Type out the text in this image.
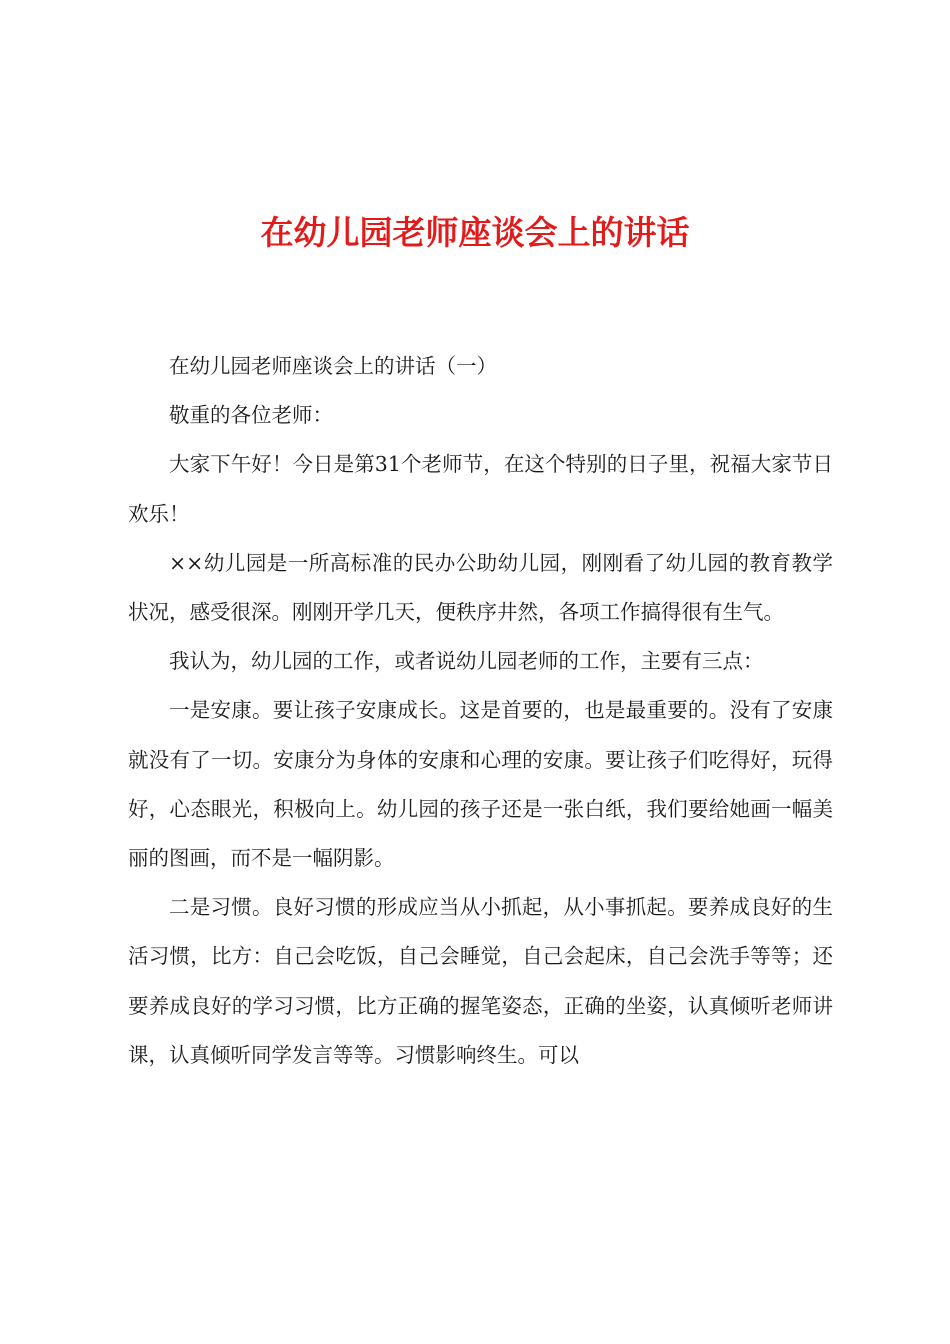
在幼儿园老师座谈会上的讲话

在幼儿园老师座谈会上的讲话（一）

敬重的各位老师：

大家下午好！今日是第31个老师节，在这个特别的日子里，祝福大家节日欢乐！

××幼儿园是一所高标准的民办公助幼儿园，刚刚看了幼儿园的教育教学状况，感受很深。刚刚开学几天，便秩序井然，各项工作搞得很有生气。

我认为，幼儿园的工作，或者说幼儿园老师的工作，主要有三点：

一是安康。要让孩子安康成长。这是首要的，也是最重要的。没有了安康就没有了一切。安康分为身体的安康和心理的安康。要让孩子们吃得好，玩得好，心态眼光，积极向上。幼儿园的孩子还是一张白纸，我们要给她画一幅美丽的图画，而不是一幅阴影。

二是习惯。良好习惯的形成应当从小抓起，从小事抓起。要养成良好的生活习惯，比方：自己会吃饭，自己会睡觉，自己会起床，自己会洗手等等；还要养成良好的学习习惯，比方正确的握笔姿态，正确的坐姿，认真倾听老师讲课，认真倾听同学发言等等。习惯影响终生。可以
